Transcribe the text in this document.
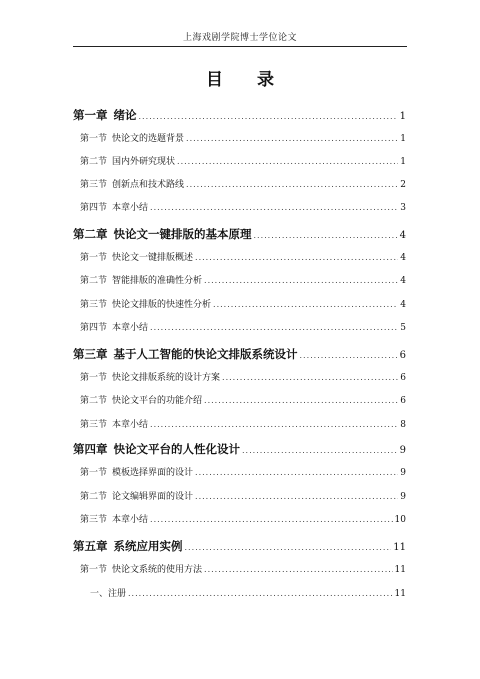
上海戏剧学院博士学位论文
目 录
第一章 绪论 .....	1
第一节 快论文的选题背景 .....	1
第二节 国内外研究现状 .....	1
第三节 创新点和技术路线 .....	2
第四节 本章小结 .....	3
第二章 快论文一键排版的基本原理 .....	4
第一节 快论文一键排版概述 .....	4
第二节 智能排版的准确性分析 .....	4
第三节 快论文排版的快速性分析 .....	4
第四节 本章小结 .....	5
第三章 基于人工智能的快论文排版系统设计 .....	6
第一节 快论文排版系统的设计方案 .....	6
第二节 快论文平台的功能介绍 .....	6
第三节 本章小结 .....	8
第四章 快论文平台的人性化设计 .....	9
第一节 模板选择界面的设计 .....	9
第二节 论文编辑界面的设计 .....	9
第三节 本章小结 .....	10
第五章 系统应用实例 .....	11
第一节 快论文系统的使用方法 .....	11
一、注册 .....	11
